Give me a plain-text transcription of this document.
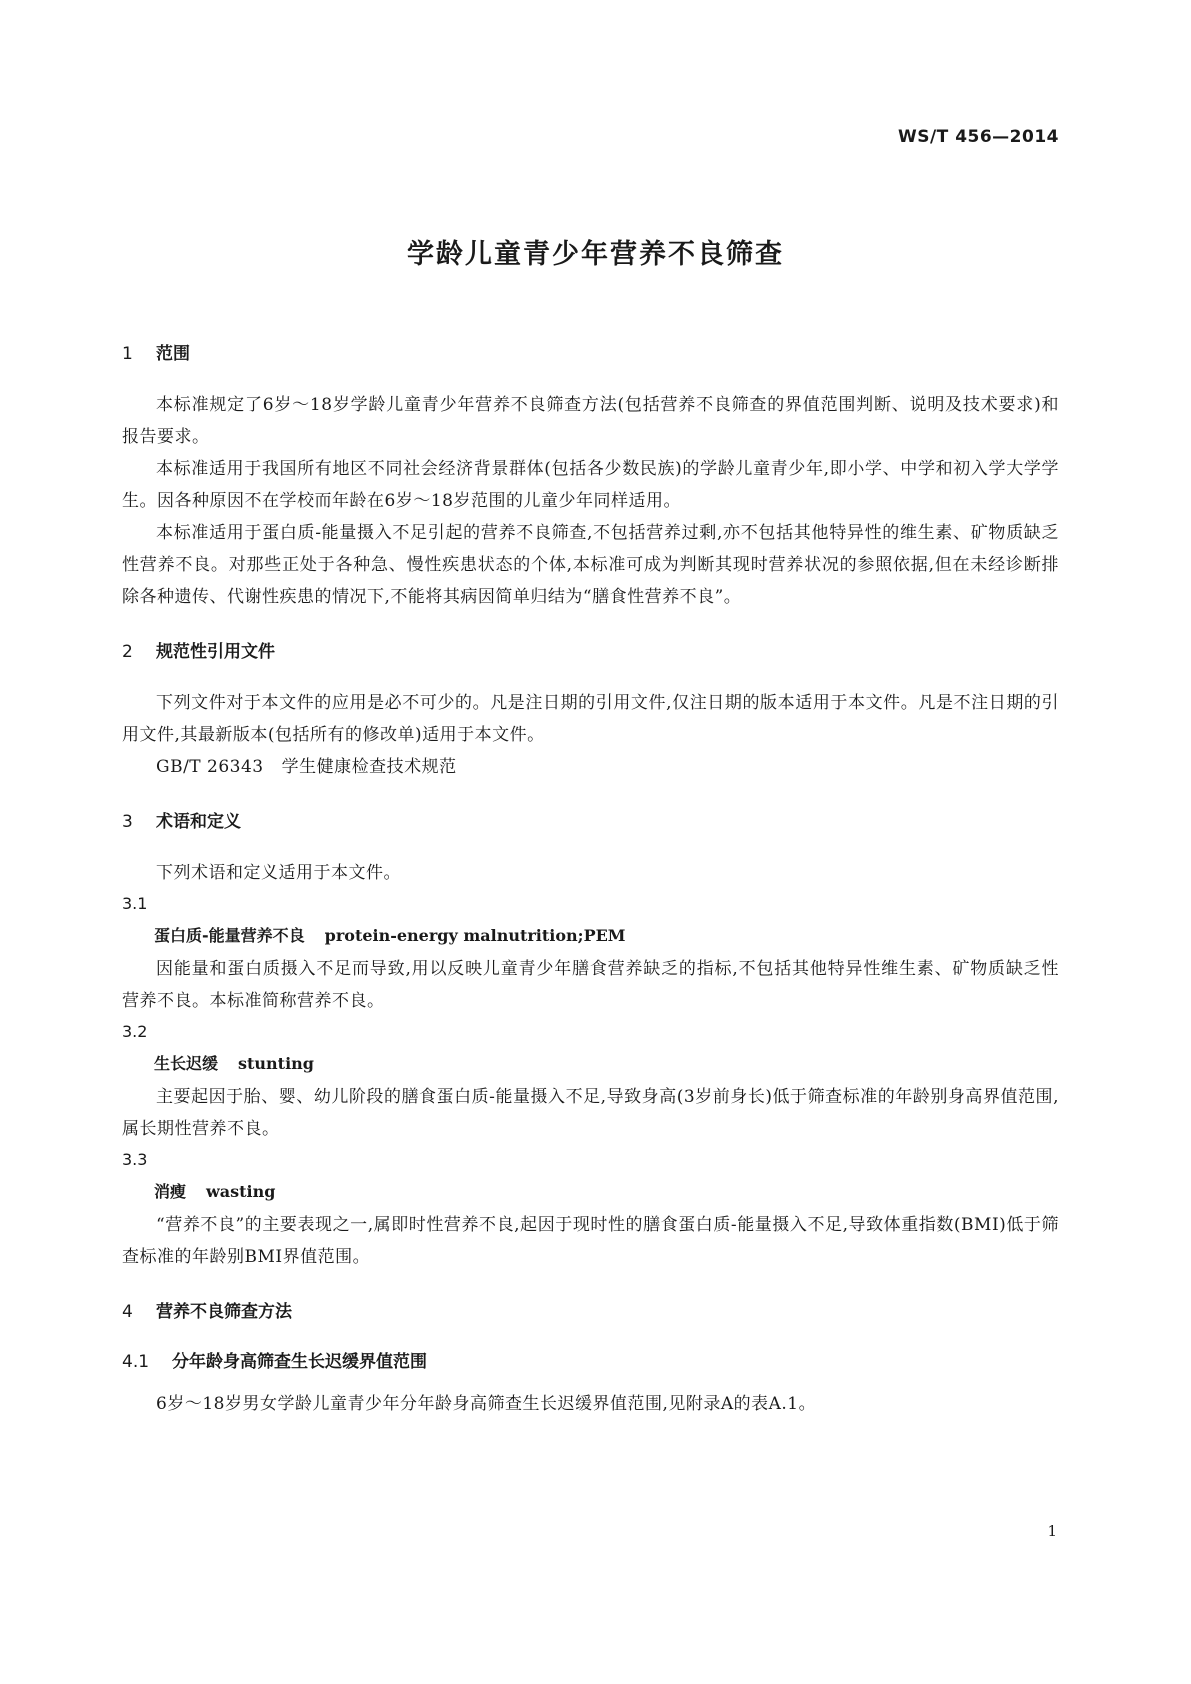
WS/T 456—2014
学龄儿童青少年营养不良筛查
1 范围

本标准规定了6岁～18岁学龄儿童青少年营养不良筛查方法(包括营养不良筛查的界值范围判断、说明及技术要求)和报告要求。

本标准适用于我国所有地区不同社会经济背景群体(包括各少数民族)的学龄儿童青少年,即小学、中学和初入学大学学生。因各种原因不在学校而年龄在6岁～18岁范围的儿童少年同样适用。

本标准适用于蛋白质-能量摄入不足引起的营养不良筛查,不包括营养过剩,亦不包括其他特异性的维生素、矿物质缺乏性营养不良。对那些正处于各种急、慢性疾患状态的个体,本标准可成为判断其现时营养状况的参照依据,但在未经诊断排除各种遗传、代谢性疾患的情况下,不能将其病因简单归结为“膳食性营养不良”。

2 规范性引用文件

下列文件对于本文件的应用是必不可少的。凡是注日期的引用文件,仅注日期的版本适用于本文件。凡是不注日期的引用文件,其最新版本(包括所有的修改单)适用于本文件。

GB/T 26343 学生健康检查技术规范

3 术语和定义

下列术语和定义适用于本文件。

3.1

蛋白质-能量营养不良 protein-energy malnutrition;PEM

因能量和蛋白质摄入不足而导致,用以反映儿童青少年膳食营养缺乏的指标,不包括其他特异性维生素、矿物质缺乏性营养不良。本标准简称营养不良。

3.2

生长迟缓 stunting

主要起因于胎、婴、幼儿阶段的膳食蛋白质-能量摄入不足,导致身高(3岁前身长)低于筛查标准的年龄别身高界值范围,属长期性营养不良。

3.3

消瘦 wasting

“营养不良”的主要表现之一,属即时性营养不良,起因于现时性的膳食蛋白质-能量摄入不足,导致体重指数(BMI)低于筛查标准的年龄别BMI界值范围。

4 营养不良筛查方法
4.1 分年龄身高筛查生长迟缓界值范围

6岁～18岁男女学龄儿童青少年分年龄身高筛查生长迟缓界值范围,见附录A的表A.1。

1
